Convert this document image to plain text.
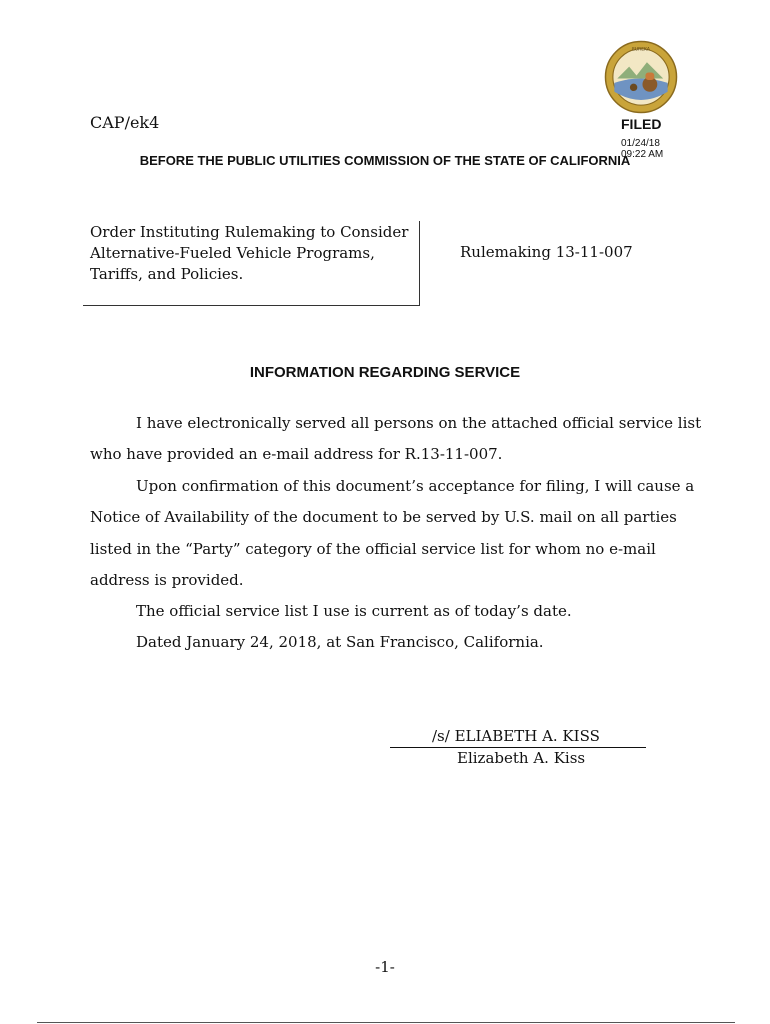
EUREKA
CAP/ek4	FILED
01/24/18
09:22 AM
BEFORE THE PUBLIC UTILITIES COMMISSION OF THE STATE OF CALIFORNIA
Order Instituting Rulemaking to Consider
Alternative-Fueled Vehicle Programs,
Tariffs, and Policies.
Rulemaking 13-11-007
INFORMATION REGARDING SERVICE
I have electronically served all persons on the attached official service list
who have provided an e-mail address for R.13-11-007.
Upon confirmation of this document’s acceptance for filing, I will cause a
Notice of Availability of the document to be served by U.S. mail on all parties
listed in the “Party” category of the official service list for whom no e-mail
address is provided.
The official service list I use is current as of today’s date.
Dated January 24, 2018, at San Francisco, California.
/s/ ELIABETH A. KISS
Elizabeth A. Kiss
-1-
